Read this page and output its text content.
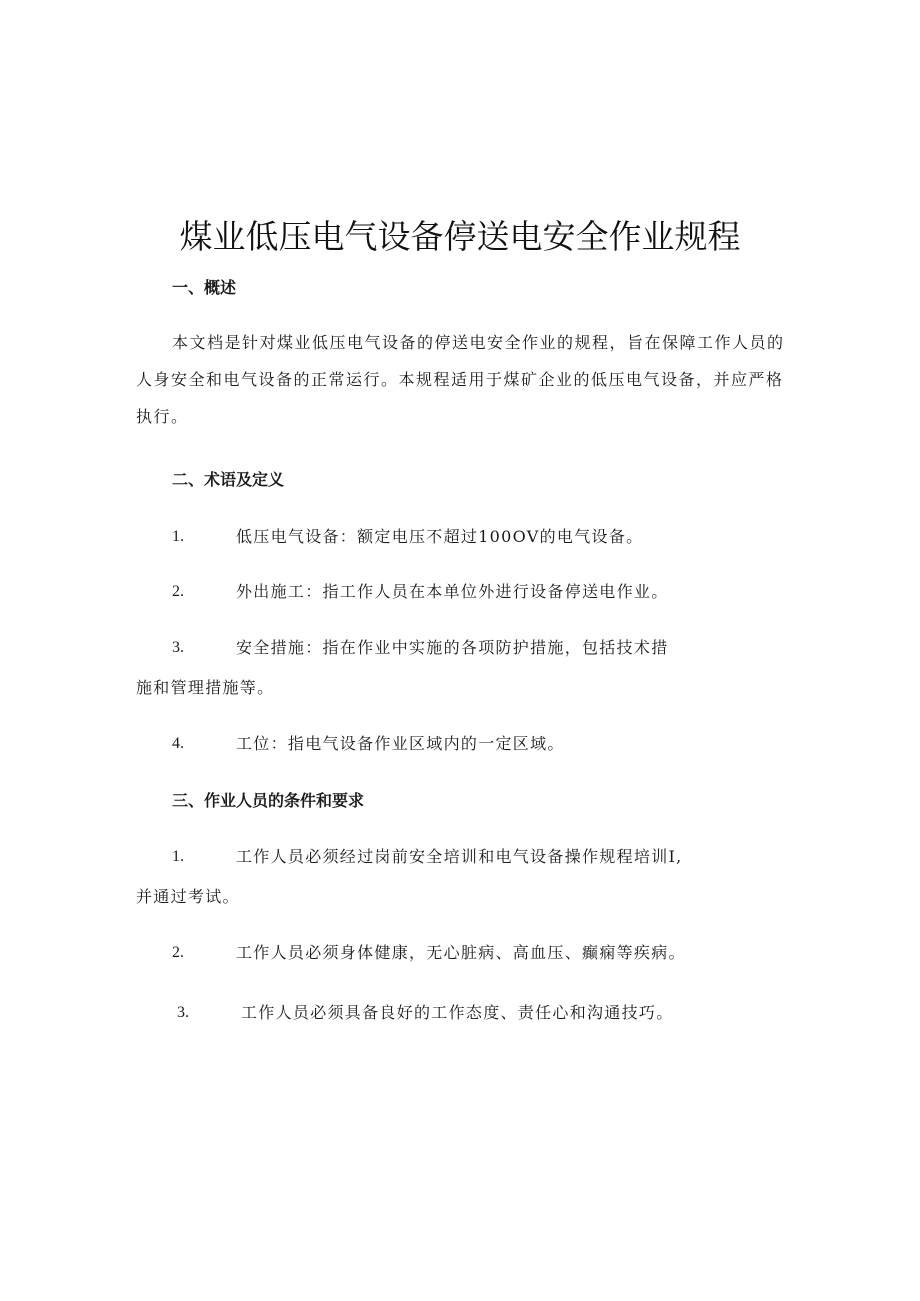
煤业低压电气设备停送电安全作业规程
一、概述
本文档是针对煤业低压电气设备的停送电安全作业的规程，旨在保障工作人员的人身安全和电气设备的正常运行。本规程适用于煤矿企业的低压电气设备，并应严格执行。
二、术语及定义
1.	低压电气设备：额定电压不超过100OV的电气设备。
2.	外出施工：指工作人员在本单位外进行设备停送电作业。
3.	安全措施：指在作业中实施的各项防护措施，包括技术措
施和管理措施等。
4.	工位：指电气设备作业区域内的一定区域。
三、作业人员的条件和要求
1.	工作人员必须经过岗前安全培训和电气设备操作规程培训I,
并通过考试。
2.	工作人员必须身体健康，无心脏病、高血压、癫痫等疾病。
3.	工作人员必须具备良好的工作态度、责任心和沟通技巧。
